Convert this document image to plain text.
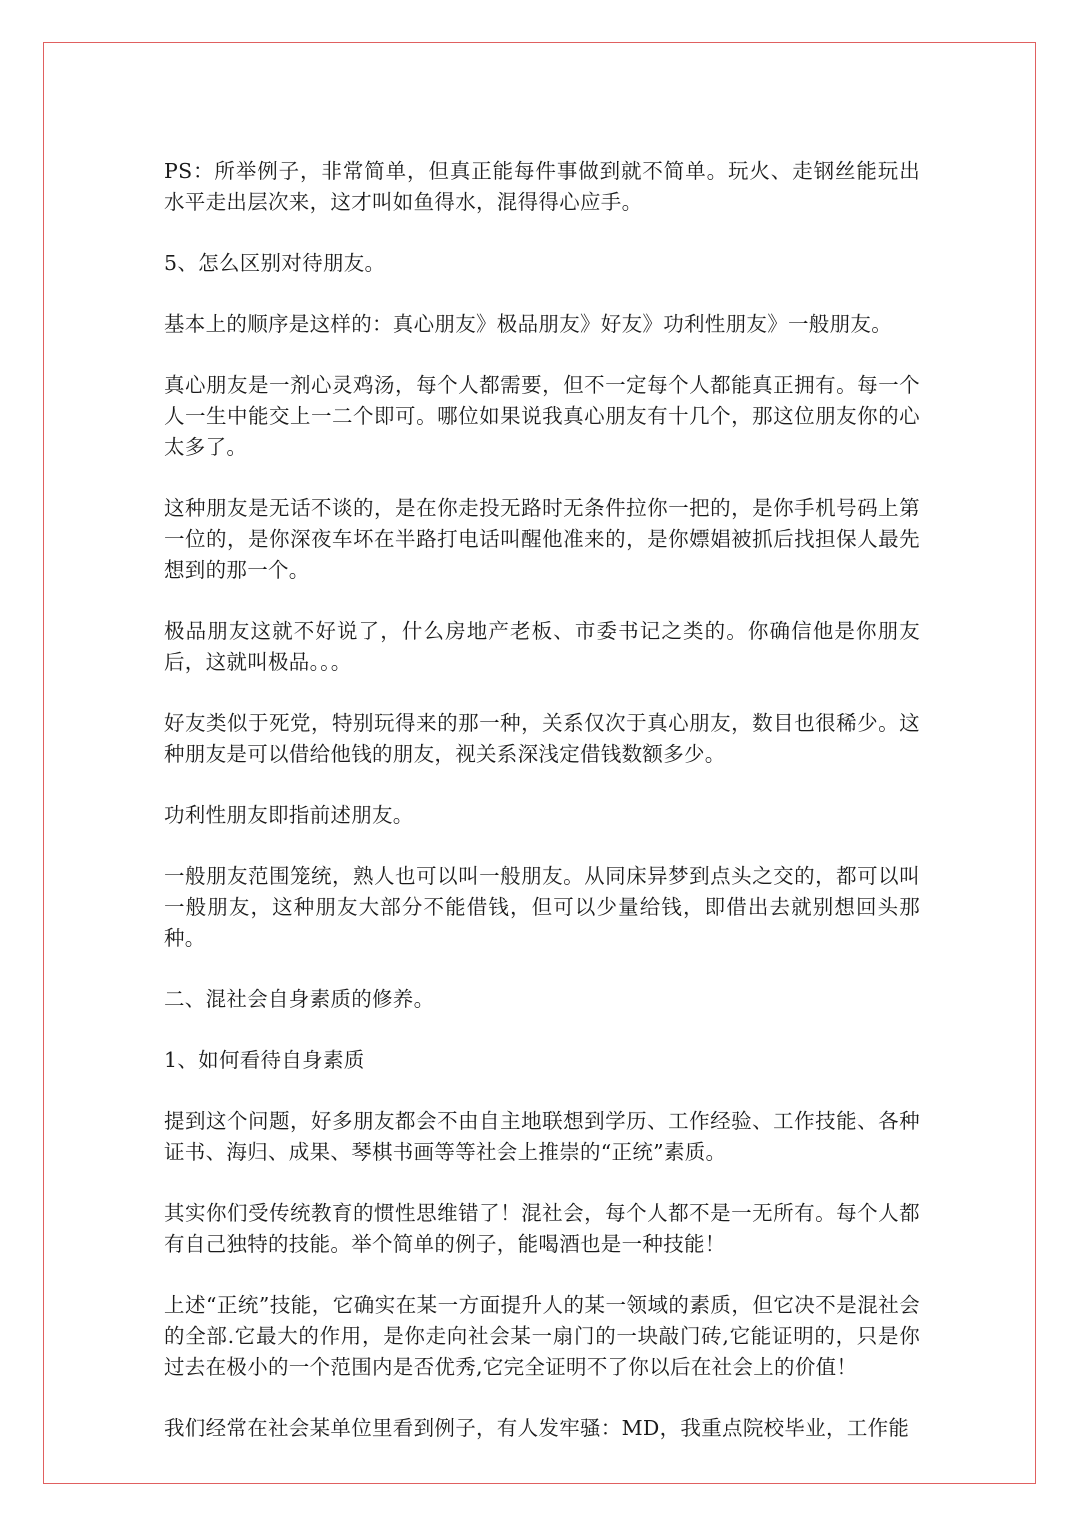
PS：所举例子，非常简单，但真正能每件事做到就不简单。玩火、走钢丝能玩出水平走出层次来，这才叫如鱼得水，混得得心应手。

5、怎么区别对待朋友。

基本上的顺序是这样的：真心朋友》极品朋友》好友》功利性朋友》一般朋友。

真心朋友是一剂心灵鸡汤，每个人都需要，但不一定每个人都能真正拥有。每一个人一生中能交上一二个即可。哪位如果说我真心朋友有十几个，那这位朋友你的心太多了。

这种朋友是无话不谈的，是在你走投无路时无条件拉你一把的，是你手机号码上第一位的，是你深夜车坏在半路打电话叫醒他准来的，是你嫖娼被抓后找担保人最先想到的那一个。

极品朋友这就不好说了，什么房地产老板、市委书记之类的。你确信他是你朋友后，这就叫极品。。。

好友类似于死党，特别玩得来的那一种，关系仅次于真心朋友，数目也很稀少。这种朋友是可以借给他钱的朋友，视关系深浅定借钱数额多少。

功利性朋友即指前述朋友。

一般朋友范围笼统，熟人也可以叫一般朋友。从同床异梦到点头之交的，都可以叫一般朋友，这种朋友大部分不能借钱，但可以少量给钱，即借出去就别想回头那种。

二、混社会自身素质的修养。

1、如何看待自身素质

提到这个问题，好多朋友都会不由自主地联想到学历、工作经验、工作技能、各种证书、海归、成果、琴棋书画等等社会上推崇的“正统”素质。

其实你们受传统教育的惯性思维错了！混社会，每个人都不是一无所有。每个人都有自己独特的技能。举个简单的例子，能喝酒也是一种技能！

上述“正统”技能，它确实在某一方面提升人的某一领域的素质，但它决不是混社会的全部.它最大的作用，是你走向社会某一扇门的一块敲门砖,它能证明的，只是你过去在极小的一个范围内是否优秀,它完全证明不了你以后在社会上的价值！

我们经常在社会某单位里看到例子，有人发牢骚：MD，我重点院校毕业，工作能
